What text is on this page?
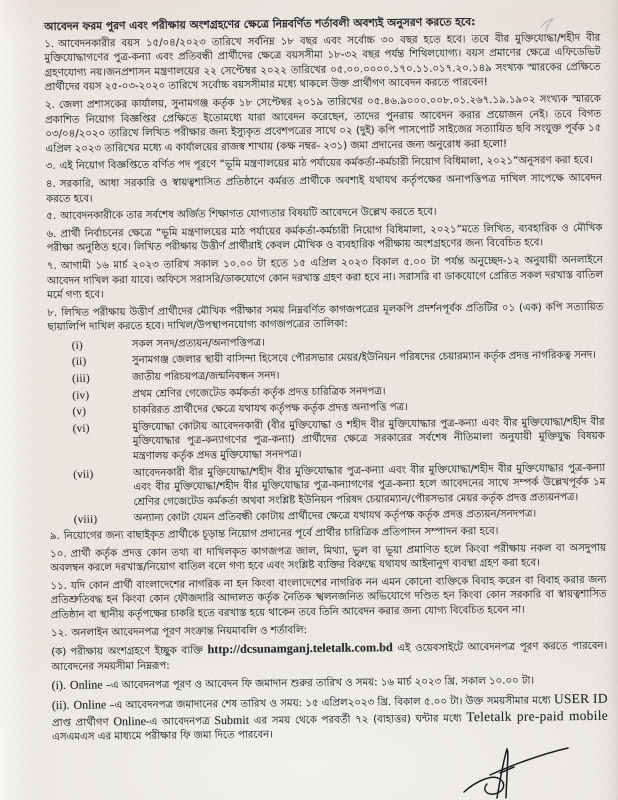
আবেদন ফরম পুরণ এবং পরীক্ষায় অংশগ্রহণের ক্ষেত্রে নিম্নবর্ণিত শর্তাবলী অবশ্যই অনুসরণ করতে হবে:

১. আবেদনকারীর বয়স ১৫/০৪/২০২৩ তারিখে সর্বনিম্ন ১৮ বছর এবং সর্বোচ্চ ৩০ বছর হতে হবে। তবে বীর মুক্তিযোদ্ধা/শহীদ বীর মুক্তিযোদ্ধাগণের পুত্র-কন্যা এবং প্রতিবন্ধী প্রার্থীদের ক্ষেত্রে বয়সসীমা ১৮-৩২ বছর পর্যন্ত শিথিলযোগ্য। বয়স প্রমাণের ক্ষেত্রে এফিডেভিট গ্রহণযোগ্য নয়।জনপ্রশাসন মন্ত্রণালয়ের ২২ সেপ্টেম্বর ২০২২ তারিখের ০৫.০০.০০০০.১৭০.১১.০১৭.২০.১৪৯ সংখ্যক স্মারকের প্রেক্ষিতে প্রার্থীদের বয়স ২৫-০৩-২০২০ তারিখে সর্বোচ্চ বয়সসীমার মধ্যে থাকলে উক্ত প্রার্থীগণ আবেদন করতে পারবেন!

২. জেলা প্রশাসকের কার্যালয়, সুনামগঞ্জ কর্তৃক ১৮ সেপ্টেম্বর ২০১৯ তারিখের ০৫.৪৬.৯০০০.০০৮.০১.২৬৭.১৯.১৯০২ সংখ্যক স্মারকে প্রকাশিত নিয়োগ বিজ্ঞপ্তির প্রেক্ষিতে ইতোমধ্যে যারা আবেদন করেছেন, তাদের পুনরায় আবেদন করার প্রয়োজন নেই। তবে বিগত ০৩/০৪/২০২০ তারিখে লিখিত পরীক্ষার জন্য ইস্যুকৃত প্রবেশপত্রের সাথে ০২ (দুই) কপি পাসপোর্ট সাইজের সত্যায়িত ছবি সংযুক্ত পূর্বক ১৫ এপ্রিল ২০২৩ তারিখের মধ্যে এ কার্যালয়ের রাজস্ব শাখায় (কক্ষ নম্বর- ২৩১) জমা প্রদানের জন্য অনুরোধ করা হলো!

৩. এই নিয়োগ বিজ্ঞপ্তিতে বর্ণিত পদ পূরণে “ভূমি মন্ত্রণালয়ের মাঠ পর্যায়ের কর্মকর্তা-কর্মচারী নিয়োগ বিধিমালা, ২০২১”অনুসরণ করা হবে।

৪. সরকারি, আধা সরকারি ও স্বায়ত্বশাসিত প্রতিষ্ঠানে কর্মরত প্রার্থীকে অবশ্যই যথাযথ কর্তৃপক্ষের অনাপত্তিপত্র দাখিল সাপেক্ষে আবেদন করতে হবে।

৫. আবেদনকারীকে তার সর্বশেষ অর্জিত শিক্ষাগত যোগ্যতার বিষয়টি আবেদনে উল্লেখ করতে হবে।

৬. প্রার্থী নির্বাচনের ক্ষেত্রে “ভূমি মন্ত্রণালয়ের মাঠ পর্যায়ের কর্মকর্তা-কর্মচারী নিয়োগ বিধিমালা, ২০২১”মতে লিখিত, ব্যবহারিক ও মৌখিক পরীক্ষা অনুষ্ঠিত হবে। লিখিত পরীক্ষায় উত্তীর্ণ প্রার্থীরাই কেবল মৌখিক ও ব্যবহারিক পরীক্ষায় অংশগ্রহণের জন্য বিবেচিত হবে।

৭. আগামী ১৬ মার্চ ২০২৩ তারিখ সকাল ১০.০০ টা হতে ১৫ এপ্রিল ২০২৩ বিকাল ৫.০০ টা পর্যন্ত অনুচ্ছেদ-১২ অনুযায়ী অনলাইনে আবেদন দাখিল করা যাবে। অফিসে সরাসরি/ডাকযোগে কোন দরখাস্ত গ্রহণ করা হবে না। সরাসরি বা ডাকযোগে প্রেরিত সকল দরখাস্ত বাতিল মর্মে গণ্য হবে।

৮. লিখিত পরীক্ষায় উত্তীর্ণ প্রার্থীদের মৌখিক পরীক্ষার সময় নিম্নবর্ণিত কাগজপত্রের মূলকপি প্রদর্শনপূর্বক প্রতিটির ০১ (এক) কপি সত্যায়িত ছায়ালিপি দাখিল করতে হবে। দাখিল/উপস্থাপনযোগ্য কাগজপত্রের তালিকা:

(i)	সকল সনদ/প্রত্যয়ন/অনাপত্তিপত্র।
(ii)	সুনামগঞ্জ জেলার স্থায়ী বাসিন্দা হিসেবে পৌরসভার মেয়র/ইউনিয়ন পরিষদের চেয়ারম্যান কর্তৃক প্রদত্ত নাগরিকত্ব সনদ।
(iii)	জাতীয় পরিচয়পত্র/জন্মনিবন্ধন সনদ।
(iv)	প্রথম শ্রেণির গেজেটেড কর্মকর্তা কর্তৃক প্রদত্ত চারিত্রিক সনদপত্র।
(v)	চাকরিরত প্রার্থীদের ক্ষেত্রে যথাযথ কর্তৃপক্ষ কর্তৃক প্রদত্ত অনাপত্তি পত্র।
(vi)	মুক্তিযোদ্ধা কোটায় আবেদনকারী (বীর মুক্তিযোদ্ধা ও শহীদ বীর মুক্তিযোদ্ধার পুত্র-কন্যা এবং বীর মুক্তিযোদ্ধা/শহীদ বীর মুক্তিযোদ্ধার পুত্র-কন্যাগণের পুত্র-কন্যা) প্রার্থীদের ক্ষেত্রে সরকারের সর্বশেষ নীতিমালা অনুযায়ী মুক্তিযুদ্ধ বিষয়ক মন্ত্রণালয় কর্তৃক প্রদত্ত মুক্তিযোদ্ধা সনদপত্র।
(vii)	আবেদনকারী বীর মুক্তিযোদ্ধা/শহীদ বীর মুক্তিযোদ্ধার পুত্র-কন্যা এবং বীর মুক্তিযোদ্ধা/শহীদ বীর মুক্তিযোদ্ধার পুত্র-কন্যা এবং বীর মুক্তিযোদ্ধা/শহীদ বীর মুক্তিযোদ্ধার পুত্র-কন্যাগণের পুত্র-কন্যা হলে আবেদনের সাথে সম্পর্ক উল্লেখপূর্বক ১ম শ্রেণির গেজেটেড কর্মকর্তা অথবা সংশ্লিষ্ট ইউনিয়ন পরিষদ চেয়ারম্যান/পৌরসভার মেয়র কর্তৃক প্রদত্ত প্রত্যয়নপত্র।
(viii)	অন্যান্য কোটা যেমন প্রতিবন্ধী কোটায় প্রার্থীদের ক্ষেত্রে যথাযথ কর্তৃপক্ষ কর্তৃক প্রদত্ত প্রত্যয়ন/সনদপত্র।

৯. নিয়োগের জন্য বাছাইকৃত প্রার্থীকে চূড়ান্ত নিয়োগ প্রদানের পূর্বে প্রার্থীর চারিত্রিক প্রতিপাদন সম্পাদন করা হবে।

১০. প্রার্থী কর্তৃক প্রদত্ত কোন তথ্য বা দাখিলকৃত কাগজপত্র জাল, মিথ্যা, ভুল বা ভূয়া প্রমাণিত হলে কিংবা পরীক্ষায় নকল বা অসদুপায় অবলম্বন করলে দরখাস্ত/নিয়োগ বাতিল বলে গণ্য হবে এবং সংশ্লিষ্ট ব্যক্তির বিরুদ্ধে যথাযথ আইনানুগ ব্যবস্থা গ্রহণ করা হবে।

১১. যদি কোন প্রার্থী বাংলাদেশের নাগরিক না হন কিংবা বাংলাদেশের নাগরিক নন এমন কোনো ব্যক্তিকে বিবাহ করেন বা বিবাহ করার জন্য প্রতিশ্রুতিবদ্ধ হন কিংবা কোন ফৌজদারি আদালত কর্তৃক নৈতিক স্খলনজনিত অভিযোগে দণ্ডিত হন কিংবা কোন সরকারি বা স্বায়ত্বশাসিত প্রতিষ্ঠান বা স্থানীয় কর্তৃপক্ষের চাকরি হতে বরখাস্ত হয়ে থাকেন তবে তিনি আবেদন করার জন্য যোগ্য বিবেচিত হবেন না।

১২. অনলাইন আবেদনপত্র পূরণ সংক্রান্ত নিয়মাবলি ও শর্তাবলি:

(ক) পরীক্ষায় অংশগ্রহণে ইচ্ছুক ব্যক্তি http://dcsunamganj.teletalk.com.bd এই ওয়েবসাইটে আবেদনপত্র পূরণ করতে পারবেন। আবেদনের সময়সীমা নিম্নরূপ:

(i). Online –এ আবেদনপত্র পূরণ ও আবেদন ফি জমাদান শুরুর তারিখ ও সময়: ১৬ মার্চ ২০২৩ খ্রি. সকাল ১০.০০ টা।

(ii). Online –এ আবেদনপত্র জমাদানের শেষ তারিখ ও সময়: ১৫ এপ্রিল২০২৩ খ্রি. বিকাল ৫.০০ টা। উক্ত সময়সীমার মধ্যে USER ID প্রাপ্ত প্রার্থীগণ Online-এ আবেদনপত্র Submit এর সময় থেকে পরবর্তী ৭২ (বাহাত্তর) ঘন্টার মধ্যে Teletalk pre-paid mobile এসএমএস এর মাধ্যমে পরীক্ষার ফি জমা দিতে পারবেন।
